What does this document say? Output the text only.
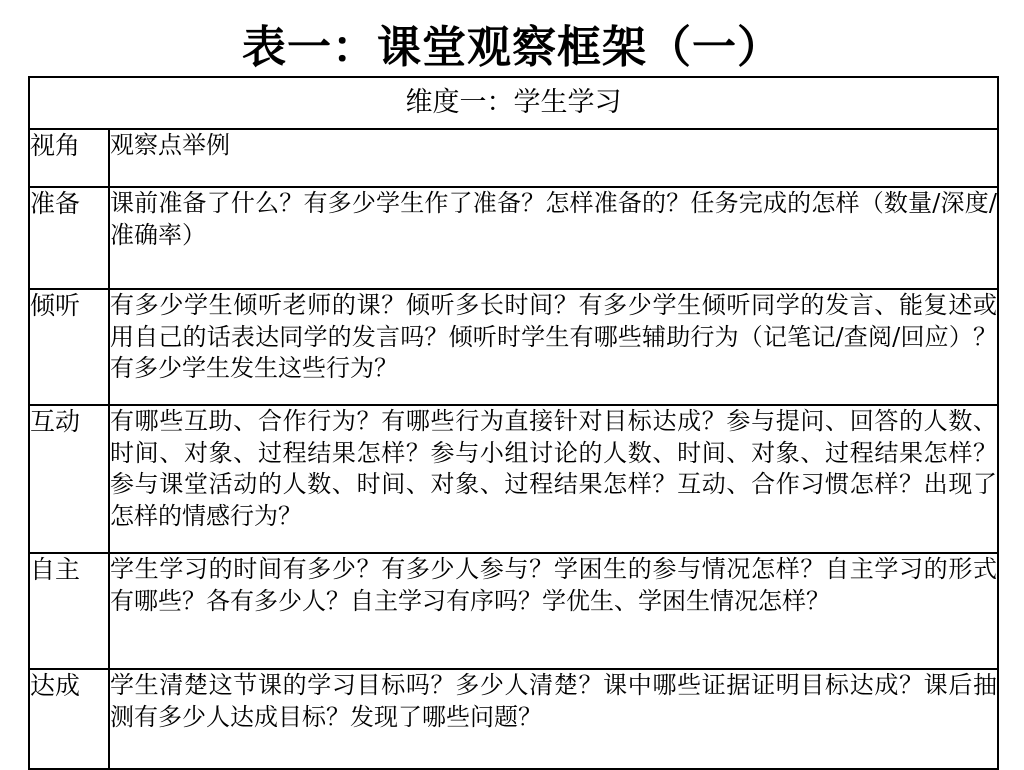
表一：课堂观察框架（一）
维度一：学生学习	
视角	观察点举例
准备	课前准备了什么？有多少学生作了准备？怎样准备的？任务完成的怎样（数量/深度/准确率）
倾听	有多少学生倾听老师的课？倾听多长时间？有多少学生倾听同学的发言、能复述或用自己的话表达同学的发言吗？倾听时学生有哪些辅助行为（记笔记/查阅/回应）？有多少学生发生这些行为？
互动	有哪些互助、合作行为？有哪些行为直接针对目标达成？参与提问、回答的人数、时间、对象、过程结果怎样？参与小组讨论的人数、时间、对象、过程结果怎样？参与课堂活动的人数、时间、对象、过程结果怎样？互动、合作习惯怎样？出现了怎样的情感行为？
自主	学生学习的时间有多少？有多少人参与？学困生的参与情况怎样？自主学习的形式有哪些？各有多少人？自主学习有序吗？学优生、学困生情况怎样？
达成	学生清楚这节课的学习目标吗？多少人清楚？课中哪些证据证明目标达成？课后抽测有多少人达成目标？发现了哪些问题？
